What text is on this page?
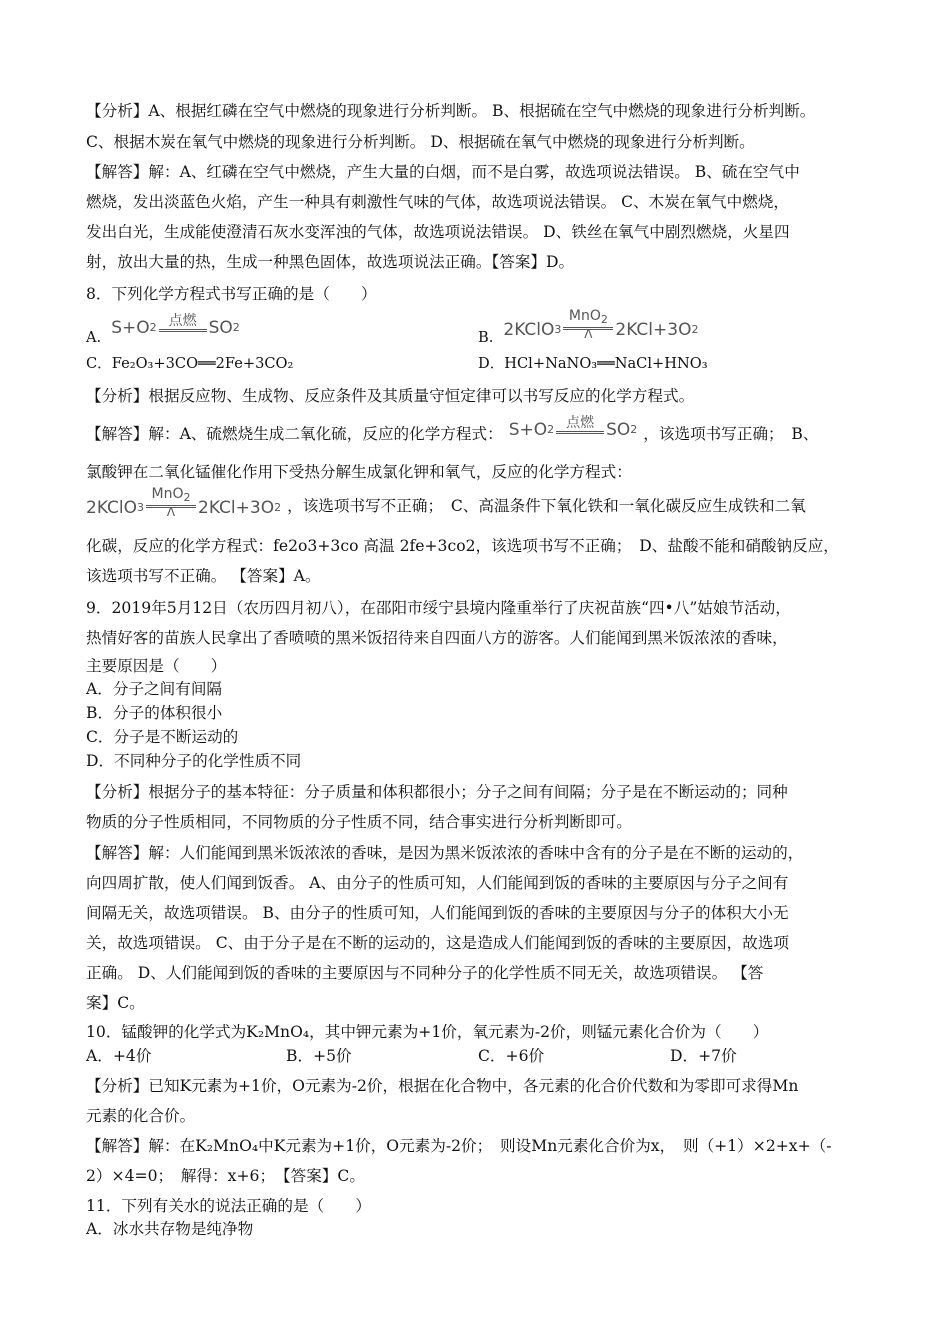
【分析】A、根据红磷在空气中燃烧的现象进行分析判断。 B、根据硫在空气中燃烧的现象进行分析判断。
C、根据木炭在氧气中燃烧的现象进行分析判断。 D、根据硫在氧气中燃烧的现象进行分析判断。
【解答】解：A、红磷在空气中燃烧，产生大量的白烟，而不是白雾，故选项说法错误。 B、硫在空气中
燃烧，发出淡蓝色火焰，产生一种具有刺激性气味的气体，故选项说法错误。 C、木炭在氧气中燃烧，
发出白光，生成能使澄清石灰水变浑浊的气体，故选项说法错误。 D、铁丝在氧气中剧烈燃烧，火星四
射，放出大量的热，生成一种黑色固体，故选项说法正确。【答案】D。
8．下列化学方程式书写正确的是（　　）
A. S+O 2 点燃 SO 2
B. 2KClO 3
MnO$_2$
Λ 2KCl+3O 2
C．Fe₂O₃+3CO══2Fe+3CO₂	D．HCl+NaNO₃══NaCl+HNO₃
【分析】根据反应物、生成物、反应条件及其质量守恒定律可以书写反应的化学方程式。
【解答】解：A、硫燃烧生成二氧化硫，反应的化学方程式： S+O 2 点燃 SO 2 ，该选项书写正确；　B、
氯酸钾在二氧化锰催化作用下受热分解生成氯化钾和氧气，反应的化学方程式：
2KClO 3
MnO$_2$
Λ 2KCl+3O 2 ，该选项书写不正确；　C、高温条件下氧化铁和一氧化碳反应生成铁和二氧
化碳，反应的化学方程式：fe2o3+3co 高温 2fe+3co2，该选项书写不正确；　D、盐酸不能和硝酸钠反应，
该选项书写不正确。 【答案】A。
9．2019年5月12日（农历四月初八），在邵阳市绥宁县境内隆重举行了庆祝苗族“四•八”姑娘节活动，
热情好客的苗族人民拿出了香喷喷的黑米饭招待来自四面八方的游客。人们能闻到黑米饭浓浓的香味，
主要原因是（　　）
A．分子之间有间隔
B．分子的体积很小
C．分子是不断运动的
D．不同种分子的化学性质不同
【分析】根据分子的基本特征：分子质量和体积都很小；分子之间有间隔；分子是在不断运动的；同种
物质的分子性质相同，不同物质的分子性质不同，结合事实进行分析判断即可。
【解答】解：人们能闻到黑米饭浓浓的香味，是因为黑米饭浓浓的香味中含有的分子是在不断的运动的，
向四周扩散，使人们闻到饭香。 A、由分子的性质可知，人们能闻到饭的香味的主要原因与分子之间有
间隔无关，故选项错误。 B、由分子的性质可知，人们能闻到饭的香味的主要原因与分子的体积大小无
关，故选项错误。 C、由于分子是在不断的运动的，这是造成人们能闻到饭的香味的主要原因，故选项
正确。 D、人们能闻到饭的香味的主要原因与不同种分子的化学性质不同无关，故选项错误。 【答
案】C。
10．锰酸钾的化学式为K₂MnO₄，其中钾元素为+1价，氧元素为-2价，则锰元素化合价为（　　）
A．+4价	B．+5价	C．+6价	D．+7价
【分析】已知K元素为+1价，O元素为-2价，根据在化合物中，各元素的化合价代数和为零即可求得Mn
元素的化合价。
【解答】解：在K₂MnO₄中K元素为+1价，O元素为-2价；　则设Mn元素化合价为x，　则（+1）×2+x+（-
2）×4=0；　解得：x+6；　【答案】C。
11．下列有关水的说法正确的是（　　）
A．冰水共存物是纯净物
